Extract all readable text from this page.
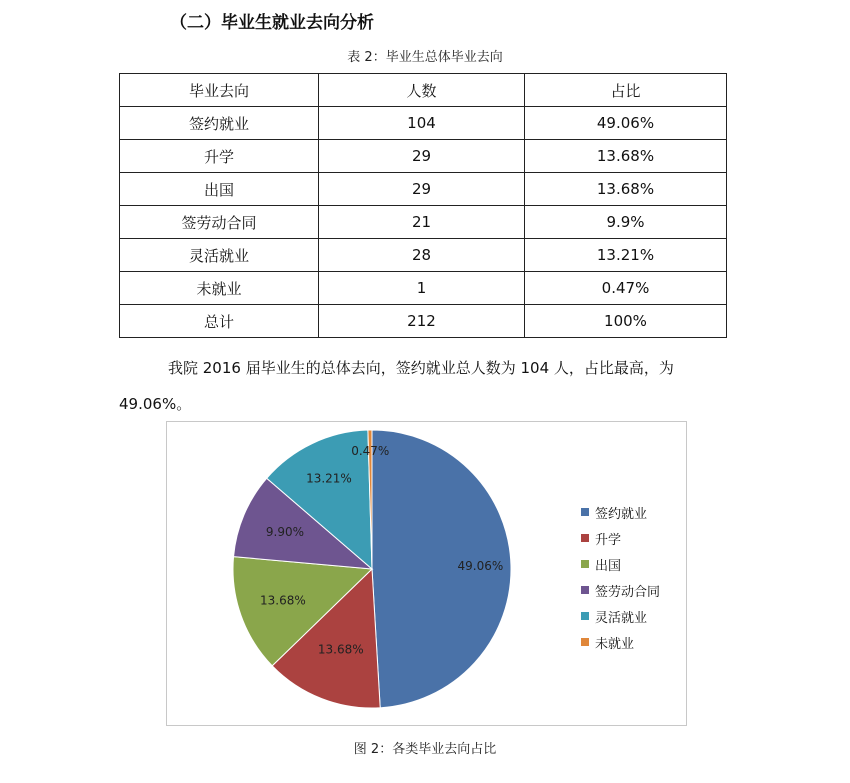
（二）毕业生就业去向分析
表 2：毕业生总体毕业去向
毕业去向	人数	占比
签约就业	104	49.06%
升学	29	13.68%
出国	29	13.68%
签劳动合同	21	9.9%
灵活就业	28	13.21%
未就业	1	0.47%
总计	212	100%
我院 2016 届毕业生的总体去向，签约就业总人数为 104 人，占比最高，为
49.06%。
49.06%
13.68%
13.68%
9.90%
13.21%
0.47%
签约就业
升学
出国
签劳动合同
灵活就业
未就业
图 2：各类毕业去向占比
